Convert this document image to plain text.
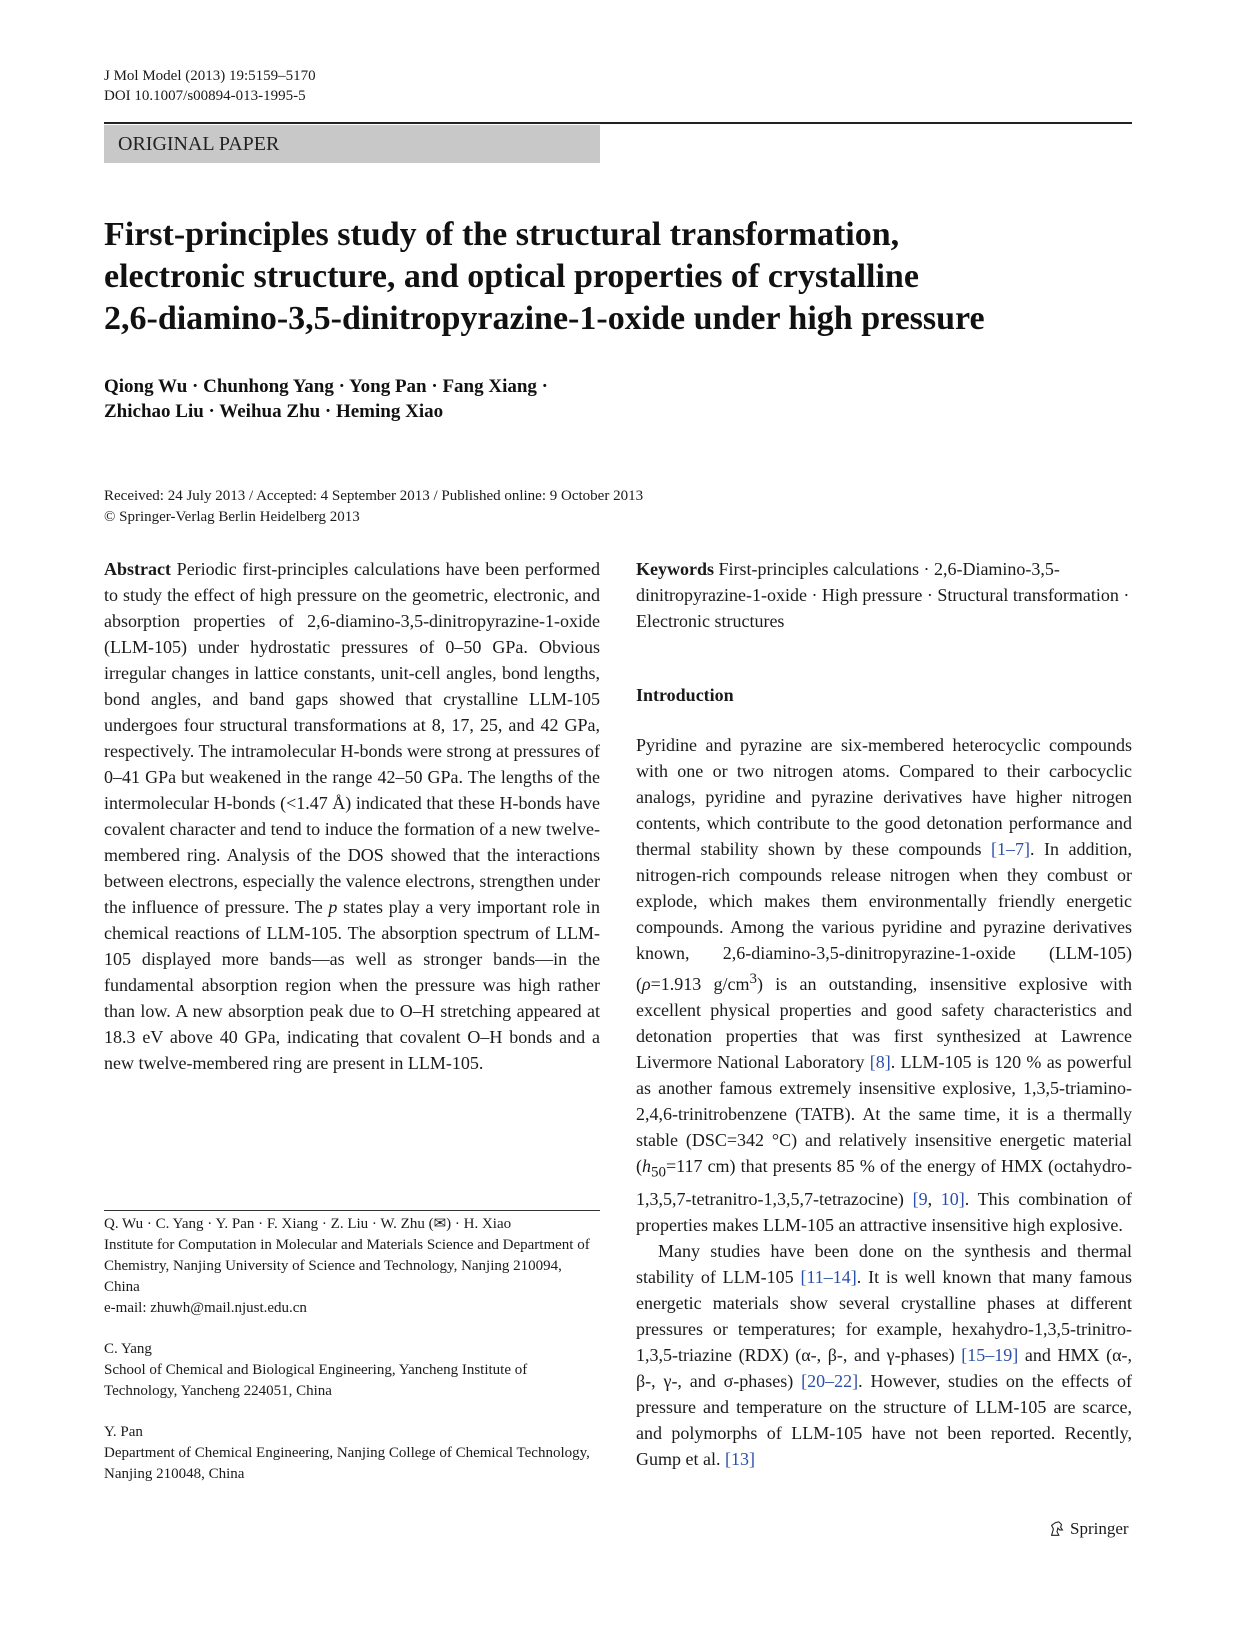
J Mol Model (2013) 19:5159–5170
DOI 10.1007/s00894-013-1995-5
ORIGINAL PAPER
First-principles study of the structural transformation,
electronic structure, and optical properties of crystalline
2,6-diamino-3,5-dinitropyrazine-1-oxide under high pressure
Qiong Wu · Chunhong Yang · Yong Pan · Fang Xiang ·
Zhichao Liu · Weihua Zhu · Heming Xiao
Received: 24 July 2013 / Accepted: 4 September 2013 / Published online: 9 October 2013
© Springer-Verlag Berlin Heidelberg 2013

Abstract Periodic first-principles calculations have been performed to study the effect of high pressure on the geometric, electronic, and absorption properties of 2,6-diamino-3,5-dinitropyrazine-1-oxide (LLM-105) under hydrostatic pressures of 0–50 GPa. Obvious irregular changes in lattice constants, unit-cell angles, bond lengths, bond angles, and band gaps showed that crystalline LLM-105 undergoes four structural transformations at 8, 17, 25, and 42 GPa, respectively. The intramolecular H-bonds were strong at pressures of 0–41 GPa but weakened in the range 42–50 GPa. The lengths of the intermolecular H-bonds (<1.47 Å) indicated that these H-bonds have covalent character and tend to induce the formation of a new twelve-membered ring. Analysis of the DOS showed that the interactions between electrons, especially the valence electrons, strengthen under the influence of pressure. The p states play a very important role in chemical reactions of LLM-105. The absorption spectrum of LLM-105 displayed more bands—as well as stronger bands—in the fundamental absorption region when the pressure was high rather than low. A new absorption peak due to O–H stretching appeared at 18.3 eV above 40 GPa, indicating that covalent O–H bonds and a new twelve-membered ring are present in LLM-105.

Q. Wu · C. Yang · Y. Pan · F. Xiang · Z. Liu · W. Zhu (✉) · H. Xiao
Institute for Computation in Molecular and Materials Science and Department of Chemistry, Nanjing University of Science and Technology, Nanjing 210094, China
e-mail: zhuwh@mail.njust.edu.cn

C. Yang
School of Chemical and Biological Engineering, Yancheng Institute of Technology, Yancheng 224051, China

Y. Pan
Department of Chemical Engineering, Nanjing College of Chemical Technology, Nanjing 210048, China

Keywords First-principles calculations · 2,6-Diamino-3,5-dinitropyrazine-1-oxide · High pressure · Structural transformation · Electronic structures

Introduction

Pyridine and pyrazine are six-membered heterocyclic compounds with one or two nitrogen atoms. Compared to their carbocyclic analogs, pyridine and pyrazine derivatives have higher nitrogen contents, which contribute to the good detonation performance and thermal stability shown by these compounds [1–7]. In addition, nitrogen-rich compounds release nitrogen when they combust or explode, which makes them environmentally friendly energetic compounds. Among the various pyridine and pyrazine derivatives known, 2,6-diamino-3,5-dinitropyrazine-1-oxide (LLM-105) (ρ=1.913 $g/cm^3$) is an outstanding, insensitive explosive with excellent physical properties and good safety characteristics and detonation properties that was first synthesized at Lawrence Livermore National Laboratory [8]. LLM-105 is 120 % as powerful as another famous extremely insensitive explosive, 1,3,5-triamino-2,4,6-trinitrobenzene (TATB). At the same time, it is a thermally stable (DSC=342 °C) and relatively insensitive energetic material ($h_{50}=117$ cm) that presents 85 % of the energy of HMX (octahydro-1,3,5,7-tetranitro-1,3,5,7-tetrazocine) [9, 10]. This combination of properties makes LLM-105 an attractive insensitive high explosive.

Many studies have been done on the synthesis and thermal stability of LLM-105 [11–14]. It is well known that many famous energetic materials show several crystalline phases at different pressures or temperatures; for example, hexahydro-1,3,5-trinitro-1,3,5-triazine (RDX) (α-, β-, and γ-phases) [15–19] and HMX (α-, β-, γ-, and σ-phases) [20–22]. However, studies on the effects of pressure and temperature on the structure of LLM-105 are scarce, and polymorphs of LLM-105 have not been reported. Recently, Gump et al. [13]

Springer
